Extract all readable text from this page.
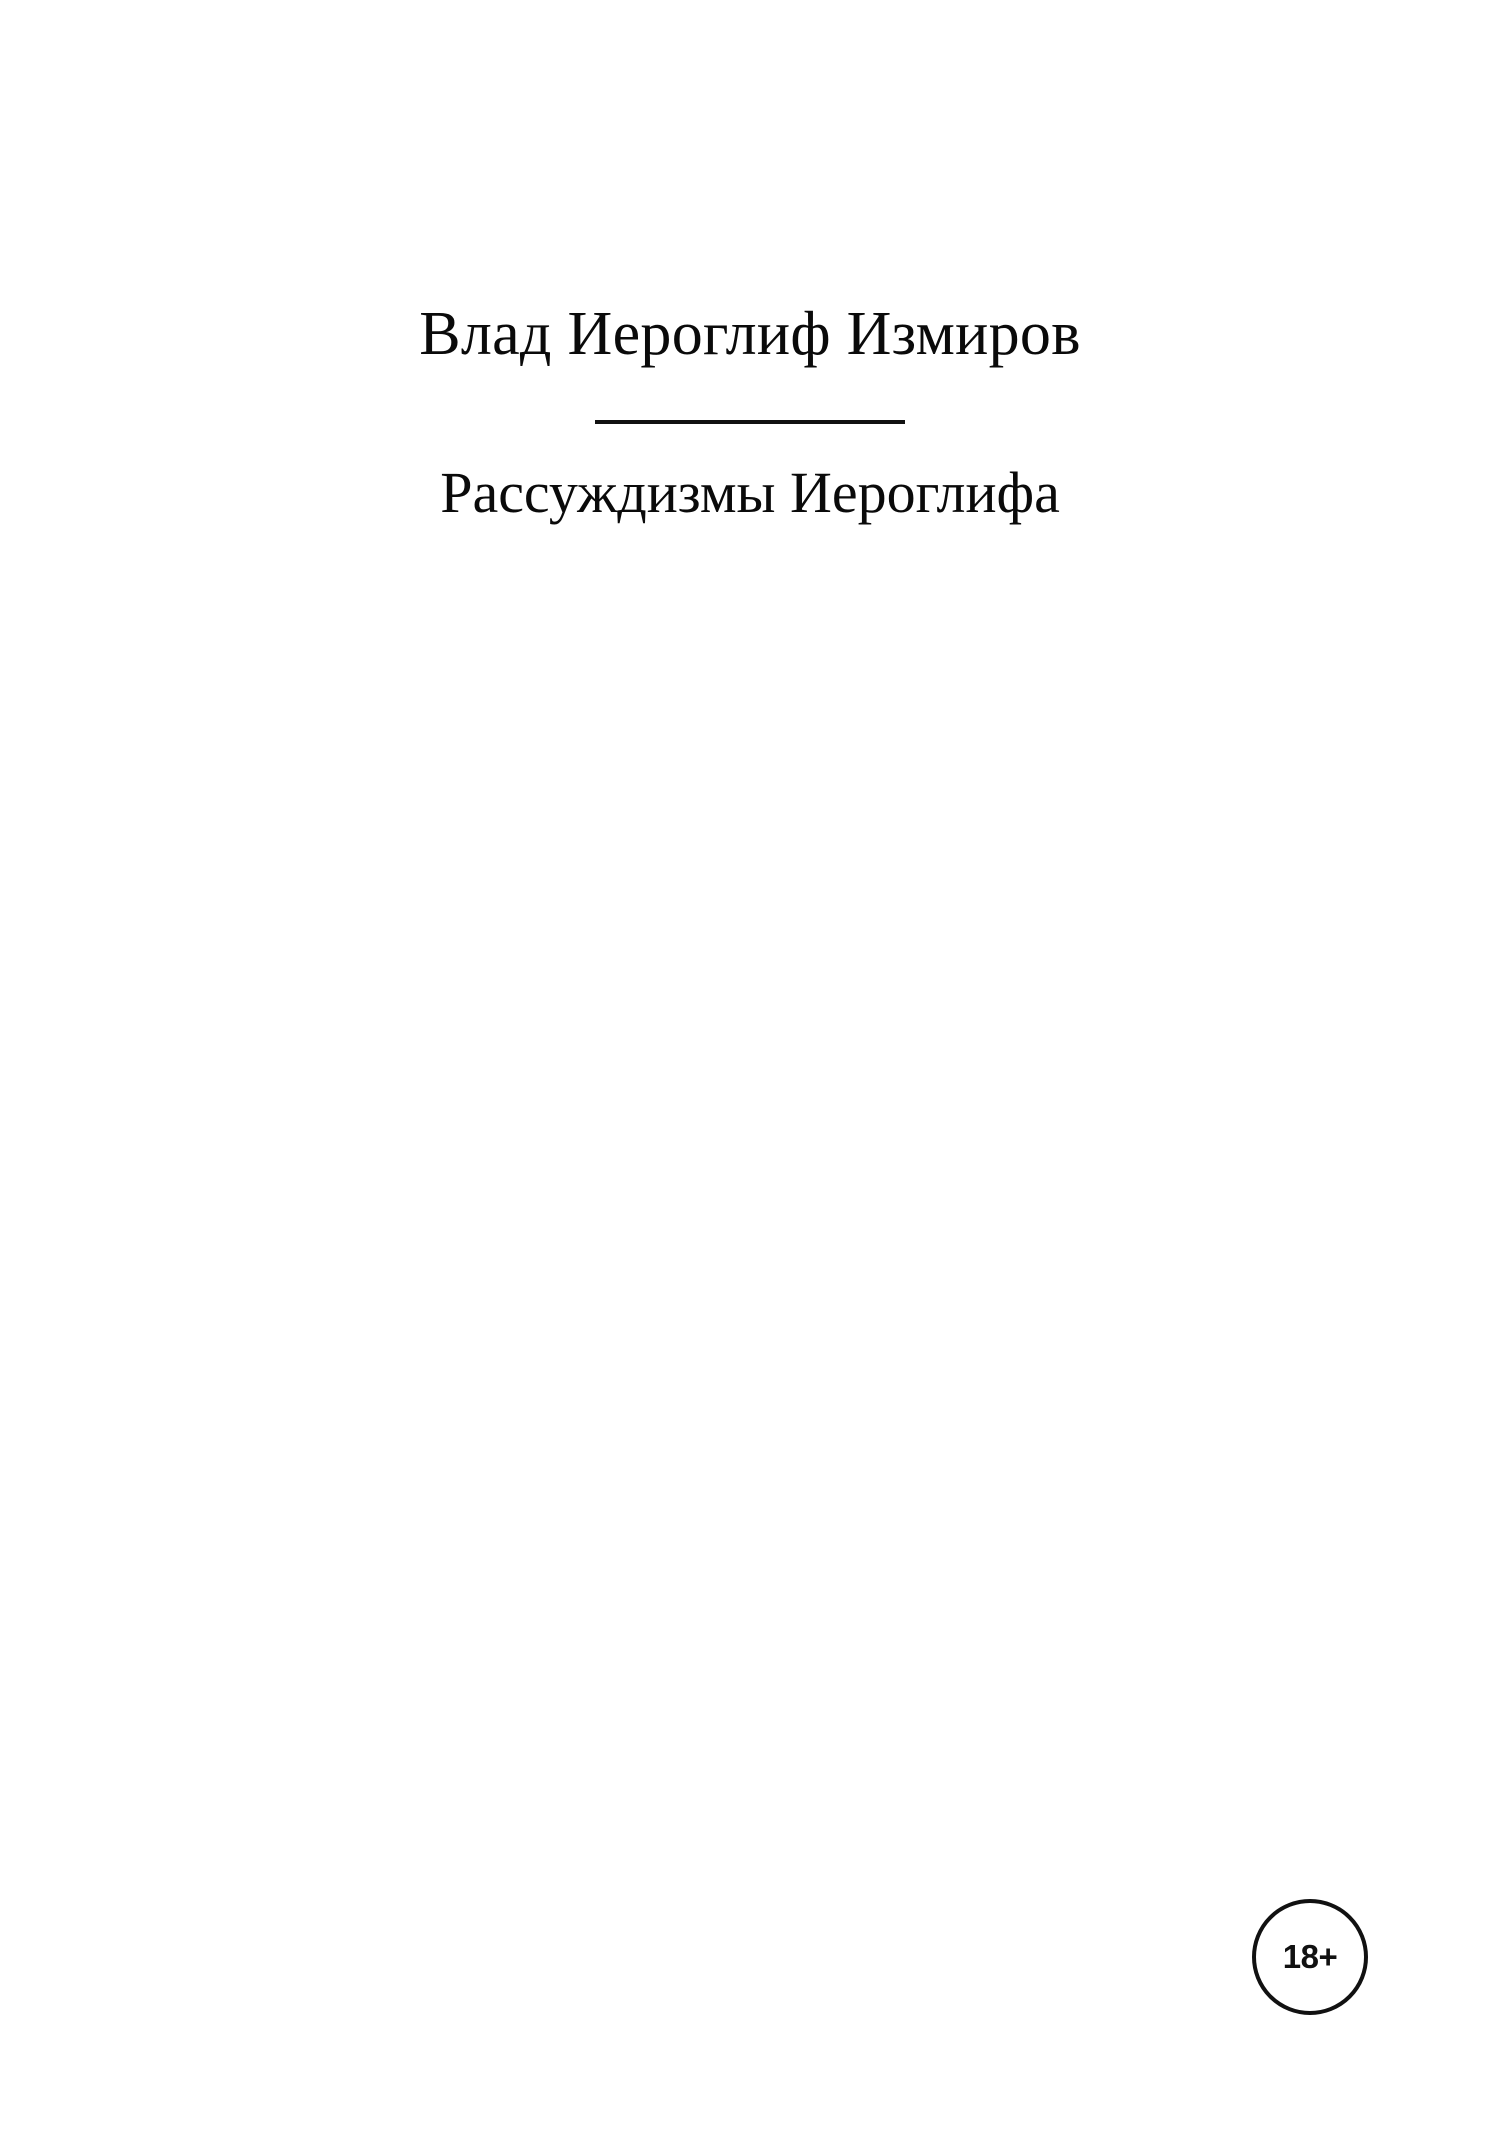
Влад Иероглиф Измиров
Рассуждизмы Иероглифа
18+
